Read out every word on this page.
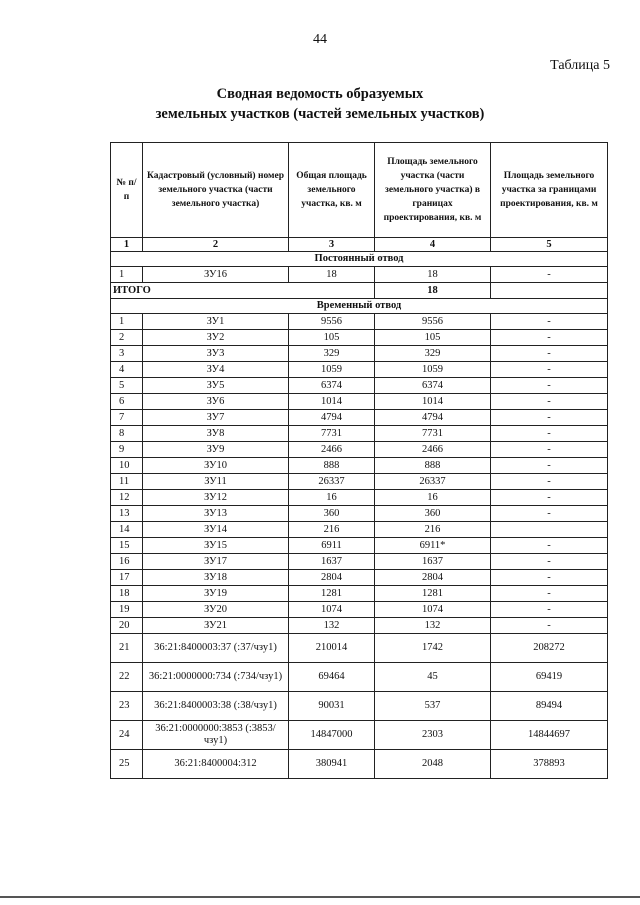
44
Таблица 5
Сводная ведомость образуемых
земельных участков (частей земельных участков)
№ п/п	Кадастровый (условный) номер земельного участка (части земельного участка)	Общая площадь земельного участка, кв. м	Площадь земельного участка (части земельного участка) в границах проектирования, кв. м	Площадь земельного участка за границами проектирования, кв. м
1	2	3	4	5
Постоянный отвод				
1	ЗУ16	18	18	-
ИТОГО			18	
Временный отвод				
1	ЗУ1	9556	9556	-
2	ЗУ2	105	105	-
3	ЗУ3	329	329	-
4	ЗУ4	1059	1059	-
5	ЗУ5	6374	6374	-
6	ЗУ6	1014	1014	-
7	ЗУ7	4794	4794	-
8	ЗУ8	7731	7731	-
9	ЗУ9	2466	2466	-
10	ЗУ10	888	888	-
11	ЗУ11	26337	26337	-
12	ЗУ12	16	16	-
13	ЗУ13	360	360	-
14	ЗУ14	216	216	
15	ЗУ15	6911	6911*	-
16	ЗУ17	1637	1637	-
17	ЗУ18	2804	2804	-
18	ЗУ19	1281	1281	-
19	ЗУ20	1074	1074	-
20	ЗУ21	132	132	-
21	36:21:8400003:37 (:37/чзу1)	210014	1742	208272
22	36:21:0000000:734 (:734/чзу1)	69464	45	69419
23	36:21:8400003:38 (:38/чзу1)	90031	537	89494
24	36:21:0000000:3853 (:3853/чзу1)	14847000	2303	14844697
25	36:21:8400004:312	380941	2048	378893
